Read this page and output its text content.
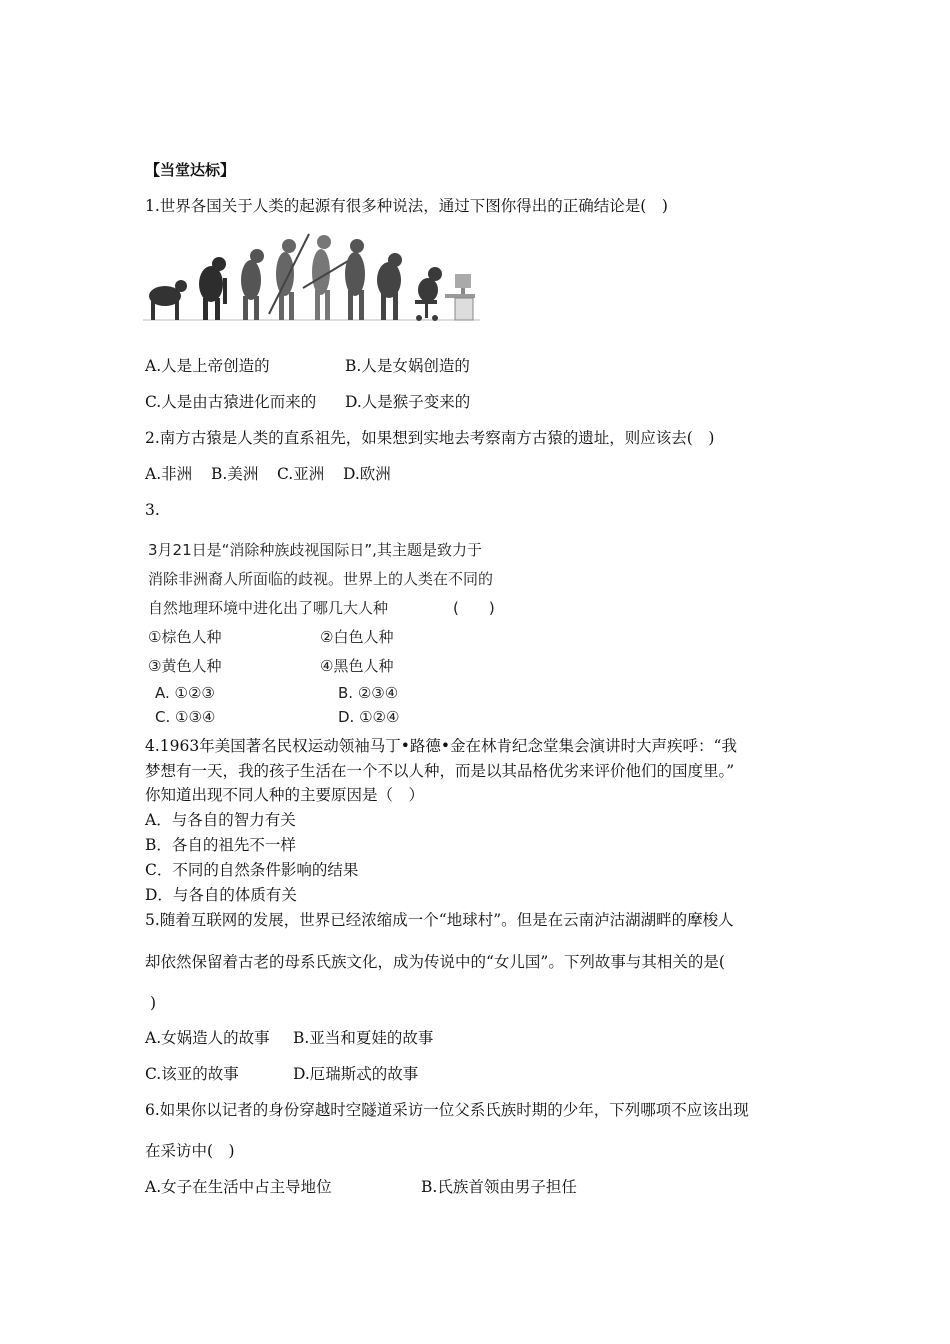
【当堂达标】
1.世界各国关于人类的起源有很多种说法，通过下图你得出的正确结论是(　)
A.人是上帝创造的	B.人是女娲创造的
C.人是由古猿进化而来的 D.人是猴子变来的
2.南方古猿是人类的直系祖先，如果想到实地去考察南方古猿的遗址，则应该去(　)
A.非洲 B.美洲 C.亚洲 D.欧洲
3.
3月21日是“消除种族歧视国际日”,其主题是致力于
消除非洲裔人所面临的歧视。世界上的人类在不同的
自然地理环境中进化出了哪几大人种	(　　)
①棕色人种	②白色人种
③黄色人种	④黑色人种
A. ①②③	B. ②③④
C. ①③④	D. ①②④
4.1963年美国著名民权运动领袖马丁•路德•金在林肯纪念堂集会演讲时大声疾呼：“我
梦想有一天，我的孩子生活在一个不以人种，而是以其品格优劣来评价他们的国度里。”
你知道出现不同人种的主要原因是（　）
A．与各自的智力有关
B．各自的祖先不一样
C．不同的自然条件影响的结果
D．与各自的体质有关
5.随着互联网的发展，世界已经浓缩成一个“地球村”。但是在云南泸沽湖湖畔的摩梭人
却依然保留着古老的母系氏族文化，成为传说中的“女儿国”。下列故事与其相关的是(
)
A.女娲造人的故事 B.亚当和夏娃的故事
C.该亚的故事	D.厄瑞斯忒的故事
6.如果你以记者的身份穿越时空隧道采访一位父系氏族时期的少年，下列哪项不应该出现
在采访中(　)
A.女子在生活中占主导地位	B.氏族首领由男子担任
